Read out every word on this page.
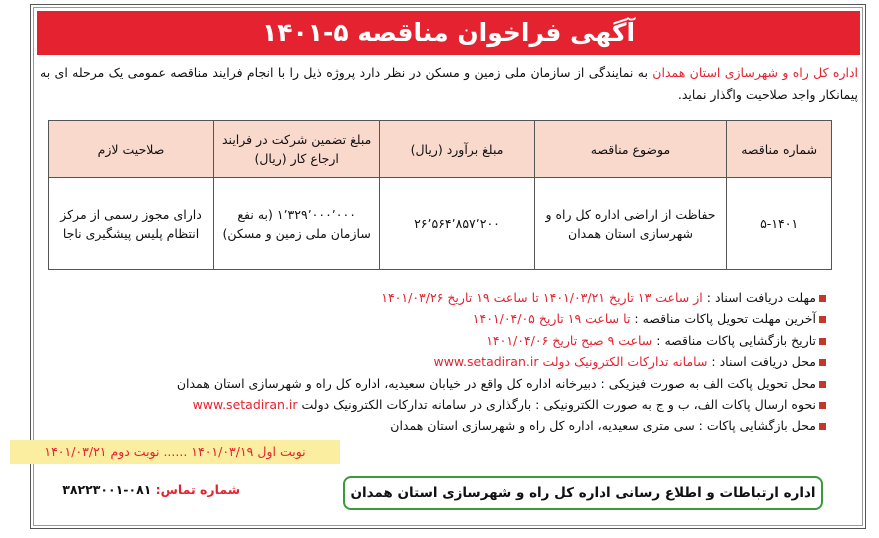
آگهی فراخوان مناقصه ۵-۱۴۰۱
اداره کل راه و شهرسازی استان همدان به نمایندگی از سازمان ملی زمین و مسکن در نظر دارد پروژه ذیل را با انجام فرایند مناقصه عمومی یک مرحله ای به پیمانکار واجد صلاحیت واگذار نماید.
شماره مناقصه	موضوع مناقصه	مبلغ برآورد (ریال)	مبلغ تضمین شرکت در فرایند ارجاع کار (ریال)	صلاحیت لازم
۵-۱۴۰۱	حفاظت از اراضی اداره کل راه و شهرسازی استان همدان	۲۶٬۵۶۴٬۸۵۷٬۲۰۰	۱٬۳۲۹٬۰۰۰٬۰۰۰ (به نفع سازمان ملی زمین و مسکن)	دارای مجوز رسمی از مرکز انتظام پلیس پیشگیری ناجا
مهلت دریافت اسناد : از ساعت ۱۳ تاریخ ۱۴۰۱/۰۳/۲۱ تا ساعت ۱۹ تاریخ ۱۴۰۱/۰۳/۲۶
آخرین مهلت تحویل پاکات مناقصه : تا ساعت ۱۹ تاریخ ۱۴۰۱/۰۴/۰۵
تاریخ بازگشایی پاکات مناقصه : ساعت ۹ صبح تاریخ ۱۴۰۱/۰۴/۰۶
محل دریافت اسناد : سامانه تدارکات الکترونیک دولت www.setadiran.ir
محل تحویل پاکت الف به صورت فیزیکی : دبیرخانه اداره کل واقع در خیابان سعیدیه، اداره کل راه و شهرسازی استان همدان
نحوه ارسال پاکات الف، ب و ج به صورت الکترونیکی : بارگذاری در سامانه تدارکات الکترونیک دولت www.setadiran.ir
محل بازگشایی پاکات : سی متری سعیدیه، اداره کل راه و شهرسازی استان همدان
نوبت اول ۱۴۰۱/۰۳/۱۹ ...... نوبت دوم ۱۴۰۱/۰۳/۲۱
شماره تماس: ۰۸۱-۳۸۲۲۳۰۰۱	اداره ارتباطات و اطلاع رسانی اداره کل راه و شهرسازی استان همدان
